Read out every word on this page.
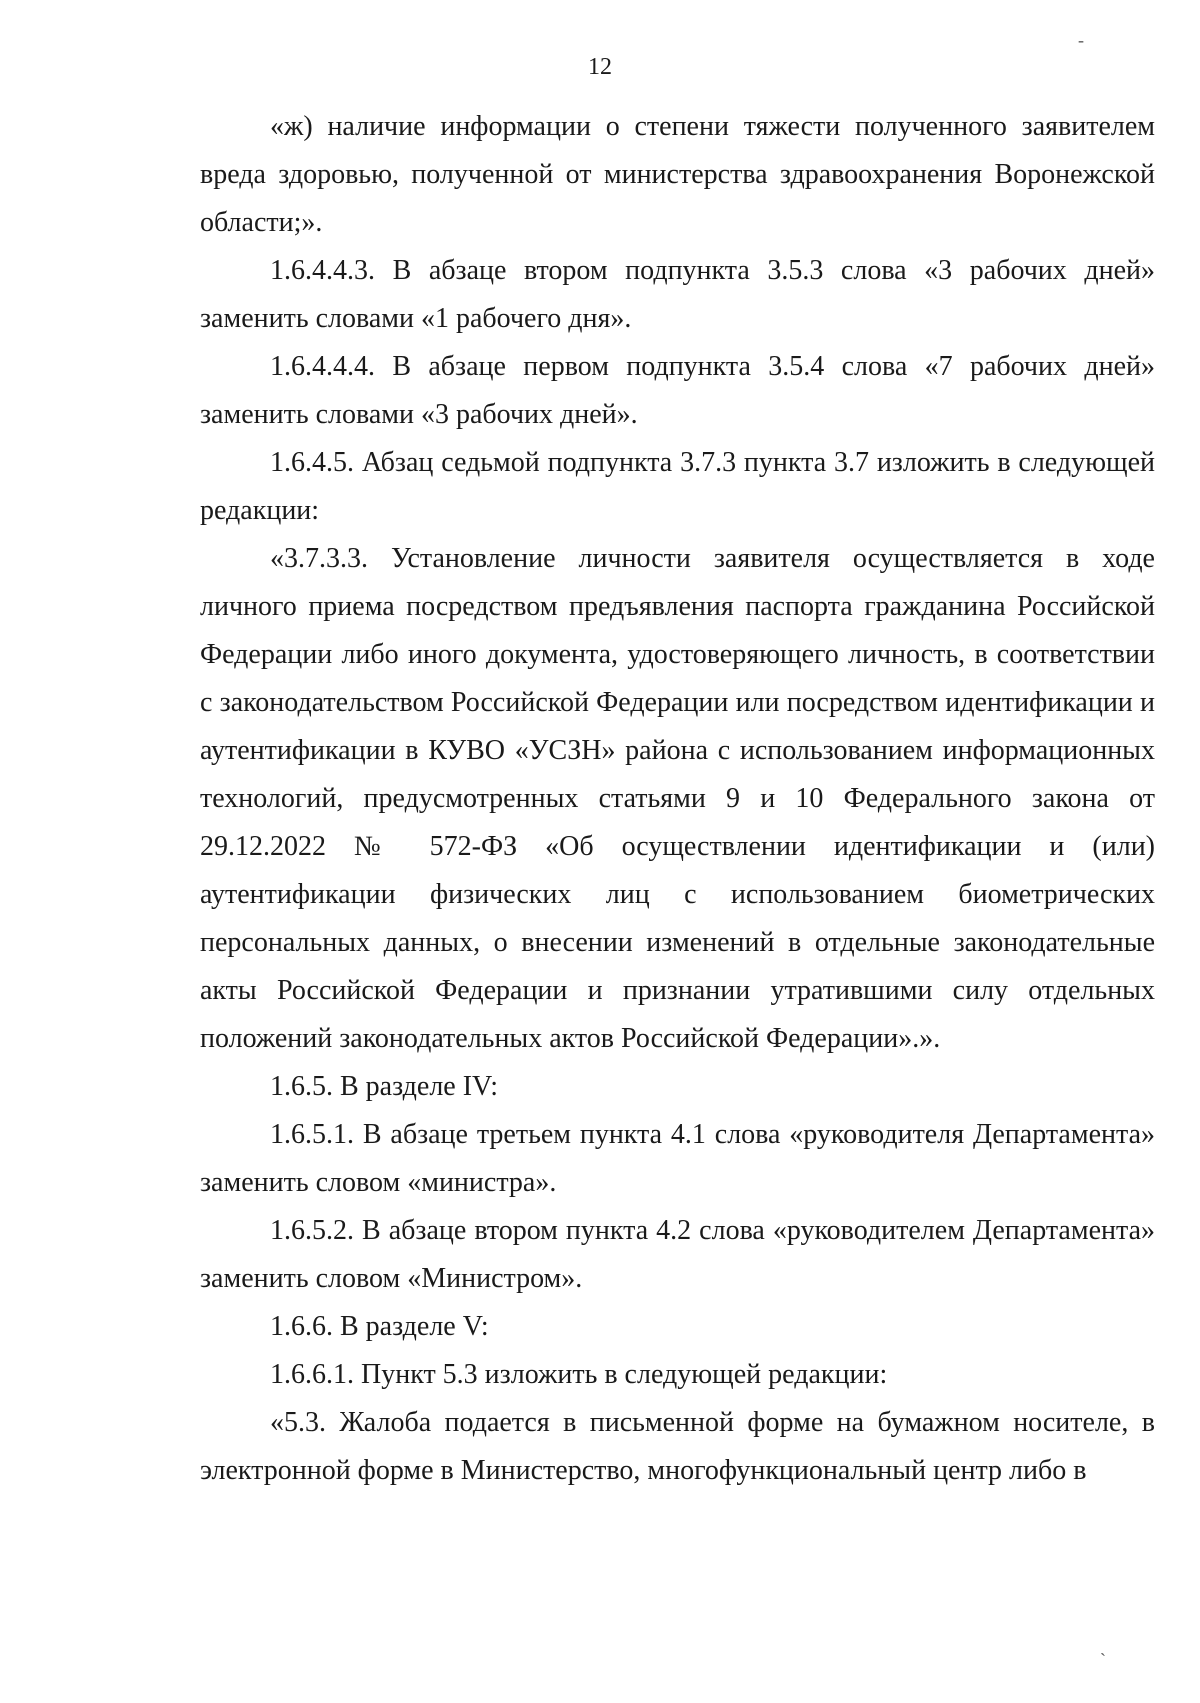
12
-
`

«ж) наличие информации о степени тяжести полученного заявителем вреда здоровью, полученной от министерства здравоохранения Воронежской области;».

1.6.4.4.3. В абзаце втором подпункта 3.5.3 слова «3 рабочих дней» заменить словами «1 рабочего дня».

1.6.4.4.4. В абзаце первом подпункта 3.5.4 слова «7 рабочих дней» заменить словами «3 рабочих дней».

1.6.4.5. Абзац седьмой подпункта 3.7.3 пункта 3.7 изложить в следующей редакции:

«3.7.3.3. Установление личности заявителя осуществляется в ходе личного приема посредством предъявления паспорта гражданина Российской Федерации либо иного документа, удостоверяющего личность, в соответствии с законодательством Российской Федерации или посредством идентификации и аутентификации в КУВО «УСЗН» района с использованием информационных технологий, предусмотренных статьями 9 и 10 Федерального закона от 29.12.2022 № 572-ФЗ «Об осуществлении идентификации и (или) аутентификации физических лиц с использованием биометрических персональных данных, о внесении изменений в отдельные законодательные акты Российской Федерации и признании утратившими силу отдельных положений законодательных актов Российской Федерации».».

1.6.5. В разделе IV:

1.6.5.1. В абзаце третьем пункта 4.1 слова «руководителя Департамента» заменить словом «министра».

1.6.5.2. В абзаце втором пункта 4.2 слова «руководителем Департамента» заменить словом «Министром».

1.6.6. В разделе V:

1.6.6.1. Пункт 5.3 изложить в следующей редакции:

«5.3. Жалоба подается в письменной форме на бумажном носителе, в электронной форме в Министерство, многофункциональный центр либо в
